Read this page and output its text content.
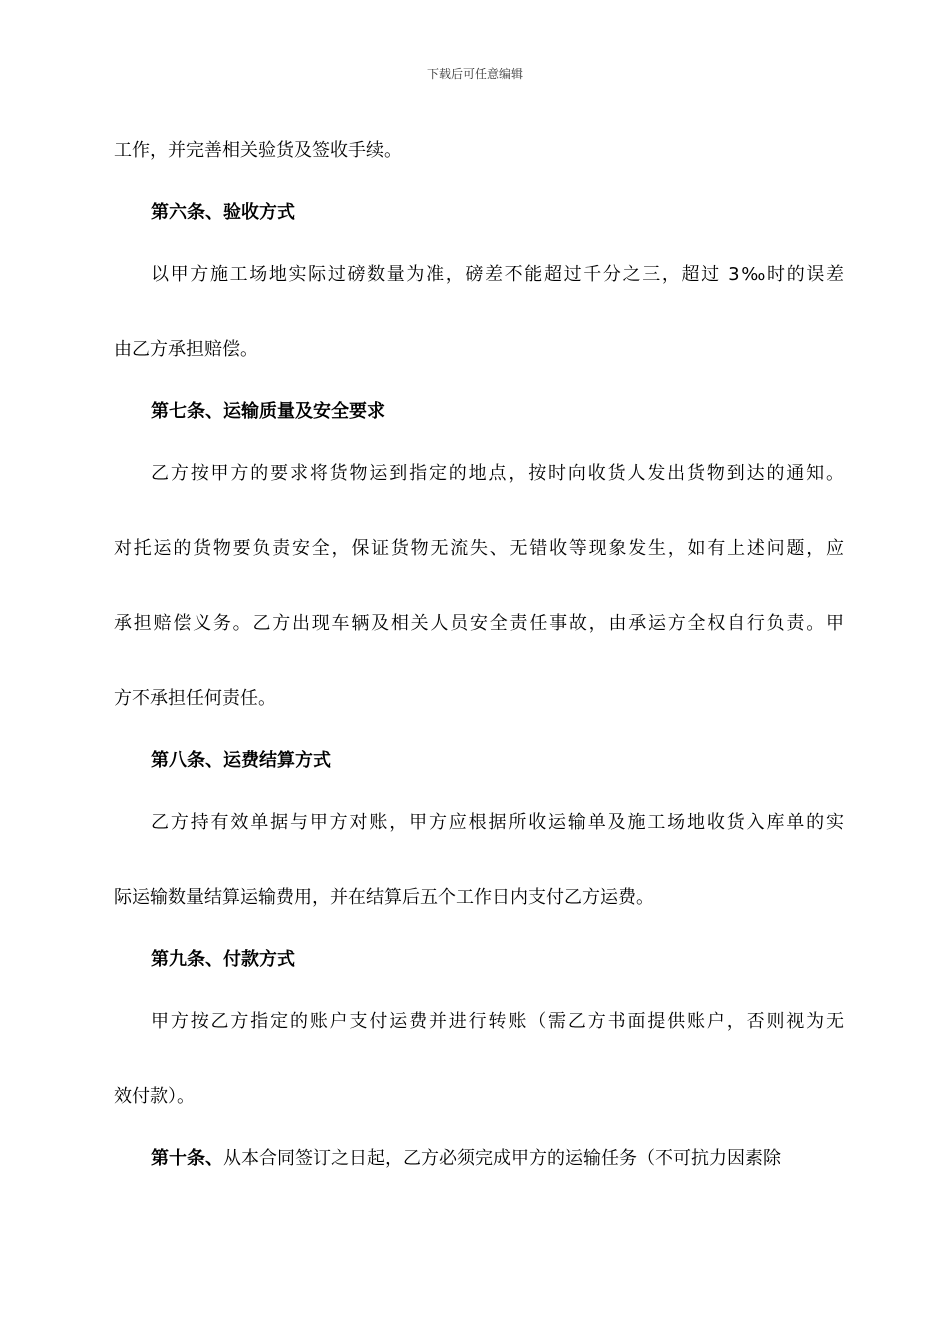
下载后可任意编辑
工作，并完善相关验货及签收手续。
第六条、验收方式
以甲方施工场地实际过磅数量为准，磅差不能超过千分之三，超过 3‰时的误差
由乙方承担赔偿。
第七条、运输质量及安全要求
乙方按甲方的要求将货物运到指定的地点，按时向收货人发出货物到达的通知。
对托运的货物要负责安全，保证货物无流失、无错收等现象发生，如有上述问题，应
承担赔偿义务。乙方出现车辆及相关人员安全责任事故，由承运方全权自行负责。甲
方不承担任何责任。
第八条、运费结算方式
乙方持有效单据与甲方对账，甲方应根据所收运输单及施工场地收货入库单的实
际运输数量结算运输费用，并在结算后五个工作日内支付乙方运费。
第九条、付款方式
甲方按乙方指定的账户支付运费并进行转账（需乙方书面提供账户，否则视为无
效付款）。
第十条、从本合同签订之日起，乙方必须完成甲方的运输任务（不可抗力因素除
